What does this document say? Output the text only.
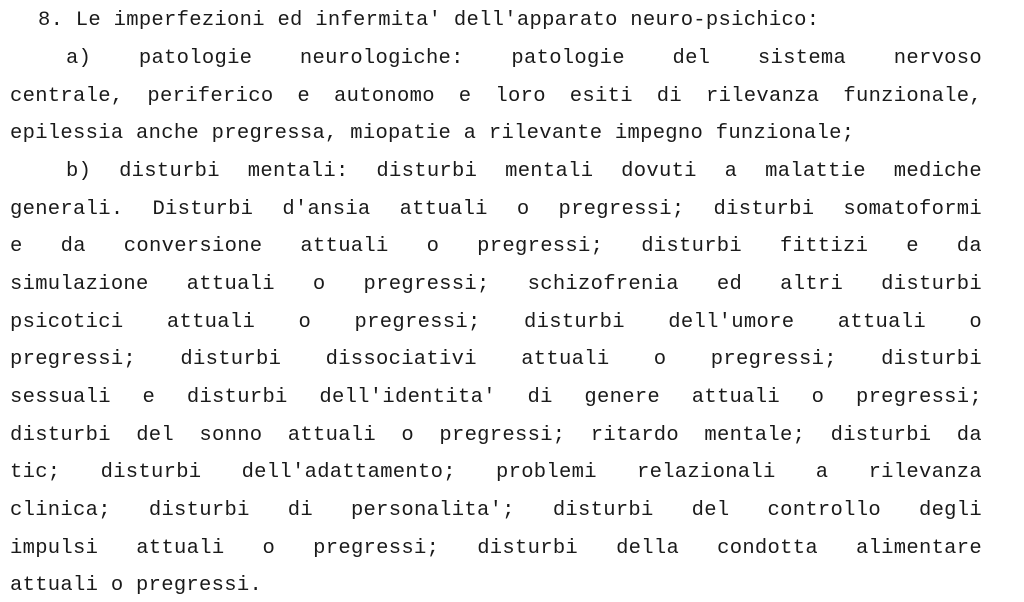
8. Le imperfezioni ed infermita' dell'apparato neuro-psichico:
a) patologie neurologiche: patologie del sistema nervoso
centrale, periferico e autonomo e loro esiti di rilevanza funzionale,
epilessia anche pregressa, miopatie a rilevante impegno funzionale;
b) disturbi mentali: disturbi mentali dovuti a malattie mediche
generali. Disturbi d'ansia attuali o pregressi; disturbi somatoformi
e da conversione attuali o pregressi; disturbi fittizi e da
simulazione attuali o pregressi; schizofrenia ed altri disturbi
psicotici attuali o pregressi; disturbi dell'umore attuali o
pregressi; disturbi dissociativi attuali o pregressi; disturbi
sessuali e disturbi dell'identita' di genere attuali o pregressi;
disturbi del sonno attuali o pregressi; ritardo mentale; disturbi da
tic; disturbi dell'adattamento; problemi relazionali a rilevanza
clinica; disturbi di personalita'; disturbi del controllo degli
impulsi attuali o pregressi; disturbi della condotta alimentare
attuali o pregressi.
